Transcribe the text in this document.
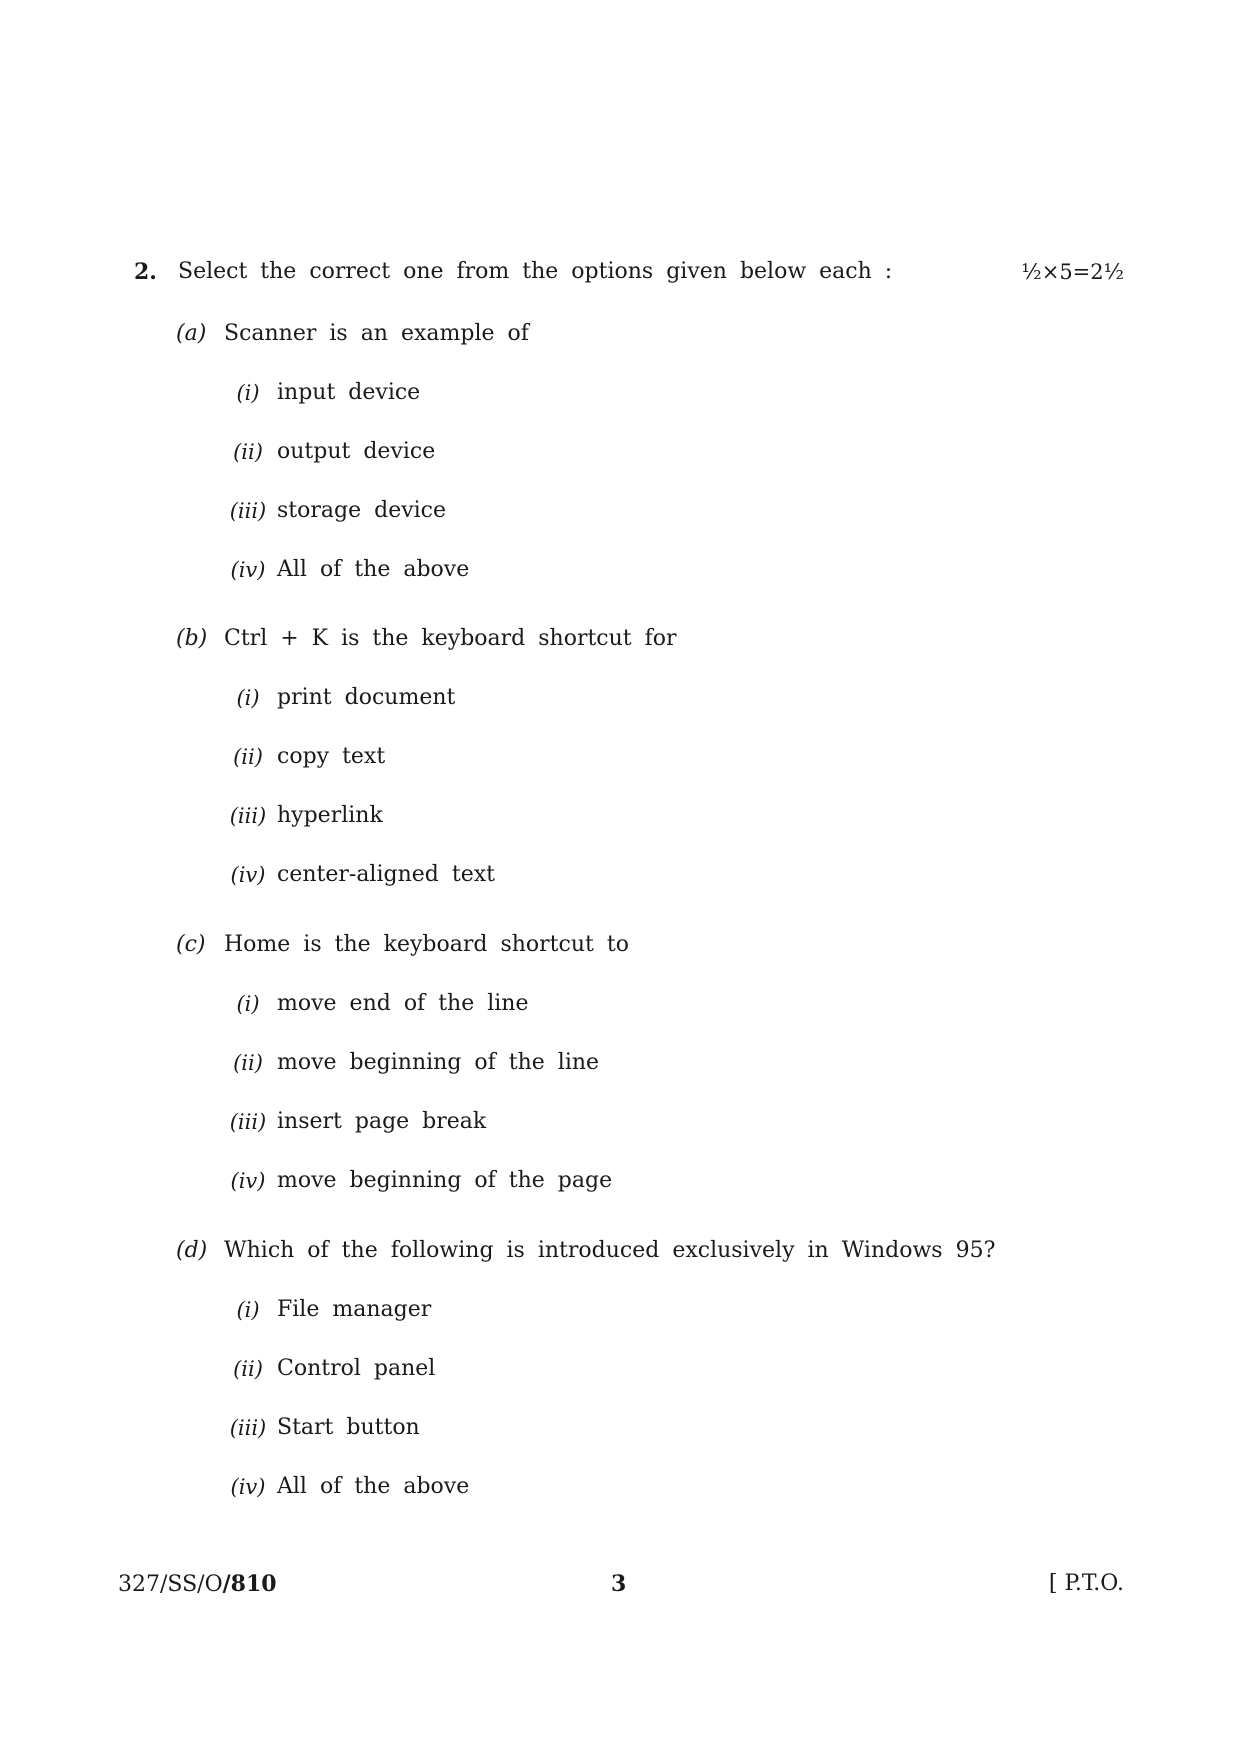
2. Select the correct one from the options given below each :	½×5=2½
(a) Scanner is an example of
(i) input device
(ii) output device
(iii) storage device
(iv) All of the above
(b) Ctrl + K is the keyboard shortcut for
(i) print document
(ii) copy text
(iii) hyperlink
(iv) center-aligned text
(c) Home is the keyboard shortcut to
(i) move end of the line
(ii) move beginning of the line
(iii) insert page break
(iv) move beginning of the page
(d) Which of the following is introduced exclusively in Windows 95?
(i) File manager
(ii) Control panel
(iii) Start button
(iv) All of the above
327/SS/O/810	3	[ P.T.O.
